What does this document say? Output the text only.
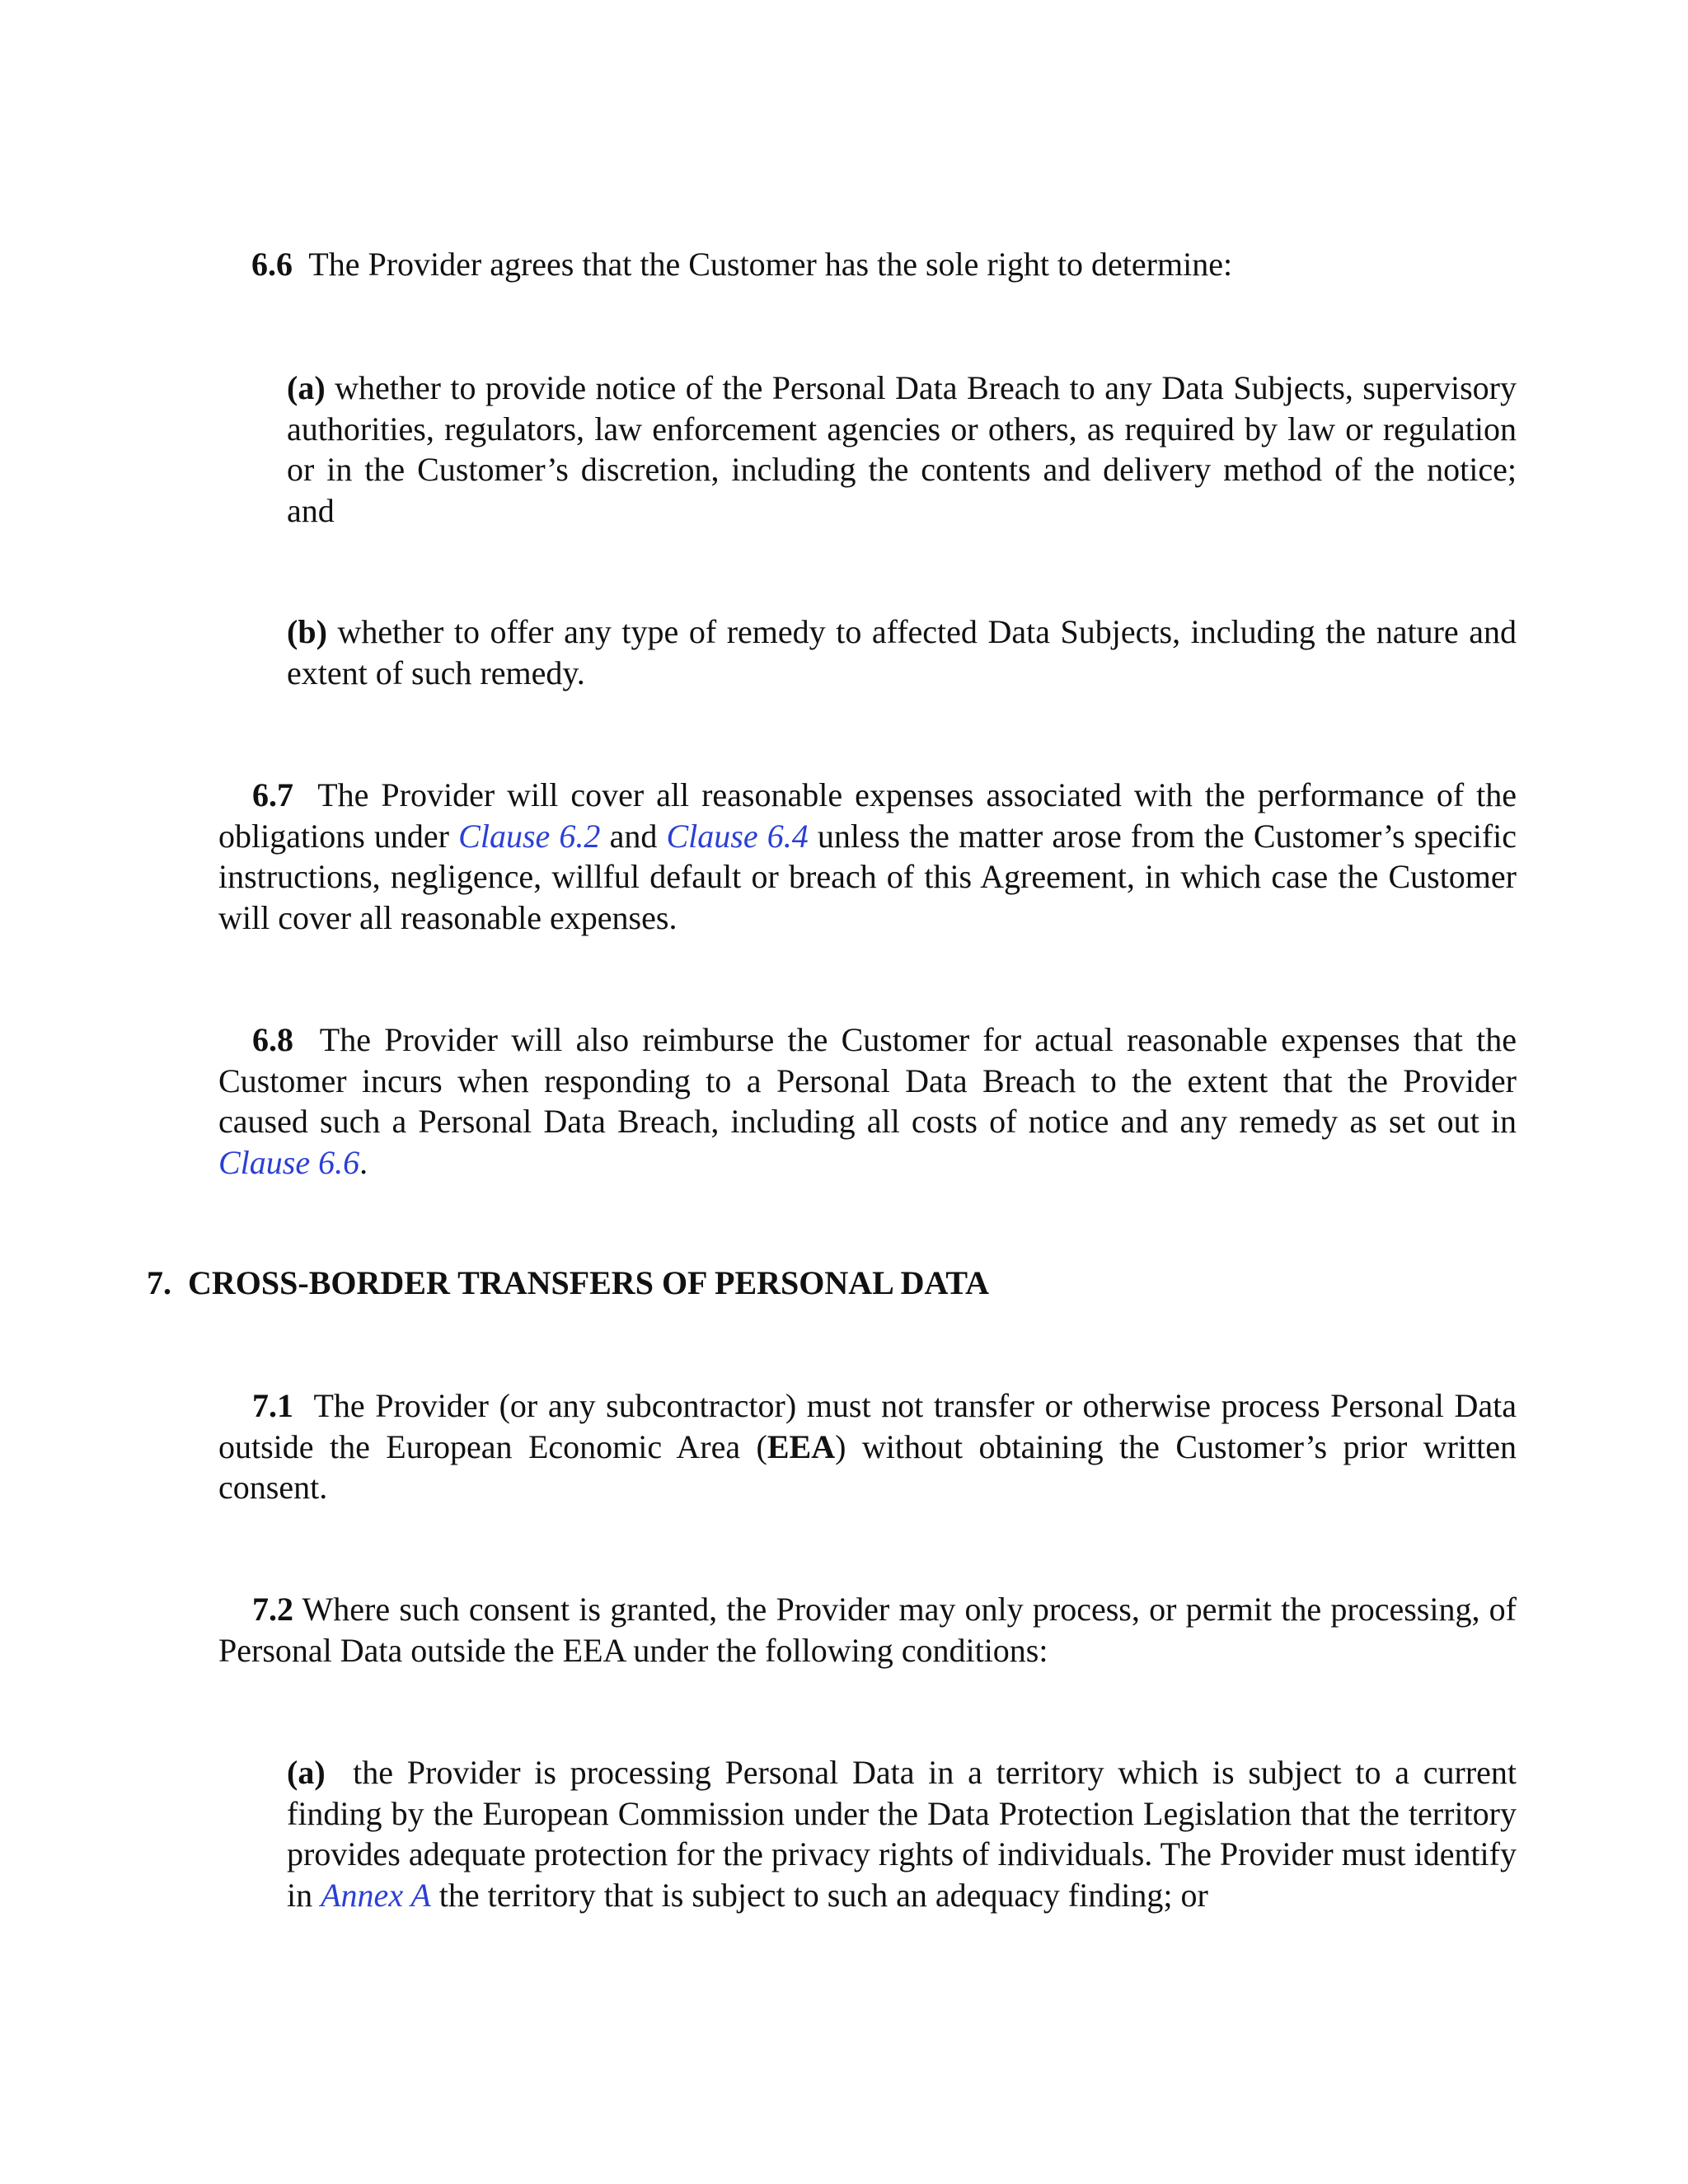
6.6 The Provider agrees that the Customer has the sole right to determine:

(a) whether to provide notice of the Personal Data Breach to any Data Subjects, supervisory authorities, regulators, law enforcement agencies or others, as required by law or regulation or in the Customer’s discretion, including the contents and delivery method of the notice; and

(b) whether to offer any type of remedy to affected Data Subjects, including the nature and extent of such remedy.

6.7 The Provider will cover all reasonable expenses associated with the performance of the obligations under Clause 6.2 and Clause 6.4 unless the matter arose from the Customer’s specific instructions, negligence, willful default or breach of this Agreement, in which case the Customer will cover all reasonable expenses.

6.8 The Provider will also reimburse the Customer for actual reasonable expenses that the Customer incurs when responding to a Personal Data Breach to the extent that the Provider caused such a Personal Data Breach, including all costs of notice and any remedy as set out in Clause 6.6.

7.  CROSS-BORDER TRANSFERS OF PERSONAL DATA

7.1 The Provider (or any subcontractor) must not transfer or otherwise process Personal Data outside the European Economic Area (EEA) without obtaining the Customer’s prior written consent.

7.2 Where such consent is granted, the Provider may only process, or permit the processing, of Personal Data outside the EEA under the following conditions:

(a) the Provider is processing Personal Data in a territory which is subject to a current finding by the European Commission under the Data Protection Legislation that the territory provides adequate protection for the privacy rights of individuals. The Provider must identify in Annex A the territory that is subject to such an adequacy finding; or
